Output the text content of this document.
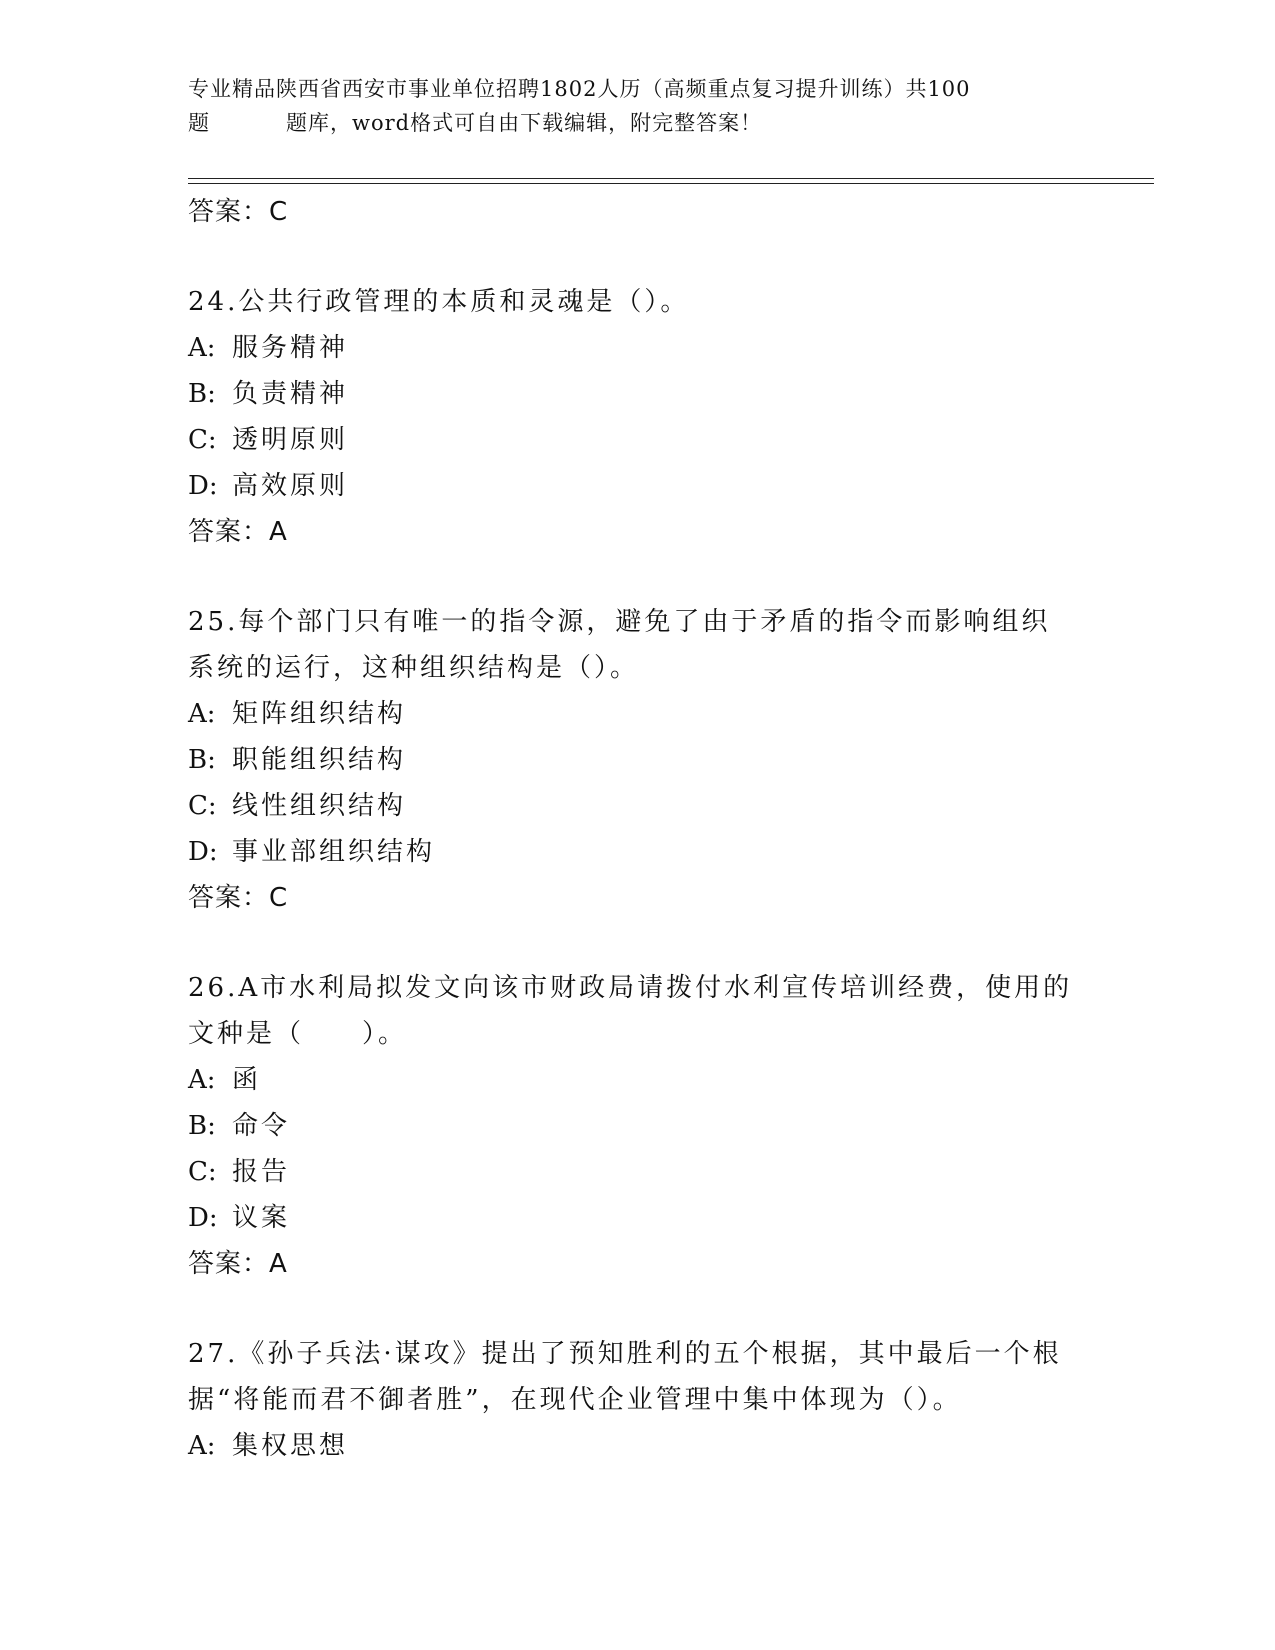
专业精品陕西省西安市事业单位招聘1802人历（高频重点复习提升训练）共100
题	题库，word格式可自由下载编辑，附完整答案！
答案：C
24.公共行政管理的本质和灵魂是（）。
A: 服务精神
B: 负责精神
C: 透明原则
D: 高效原则
答案：A
25.每个部门只有唯一的指令源，避免了由于矛盾的指令而影响组织系统的运行，这种组织结构是（）。
A: 矩阵组织结构
B: 职能组织结构
C: 线性组织结构
D: 事业部组织结构
答案：C
26.A市水利局拟发文向该市财政局请拨付水利宣传培训经费，使用的文种是（　　）。
A: 函
B: 命令
C: 报告
D: 议案
答案：A
27.《孙子兵法·谋攻》提出了预知胜利的五个根据，其中最后一个根据“将能而君不御者胜”，在现代企业管理中集中体现为（）。
A: 集权思想
